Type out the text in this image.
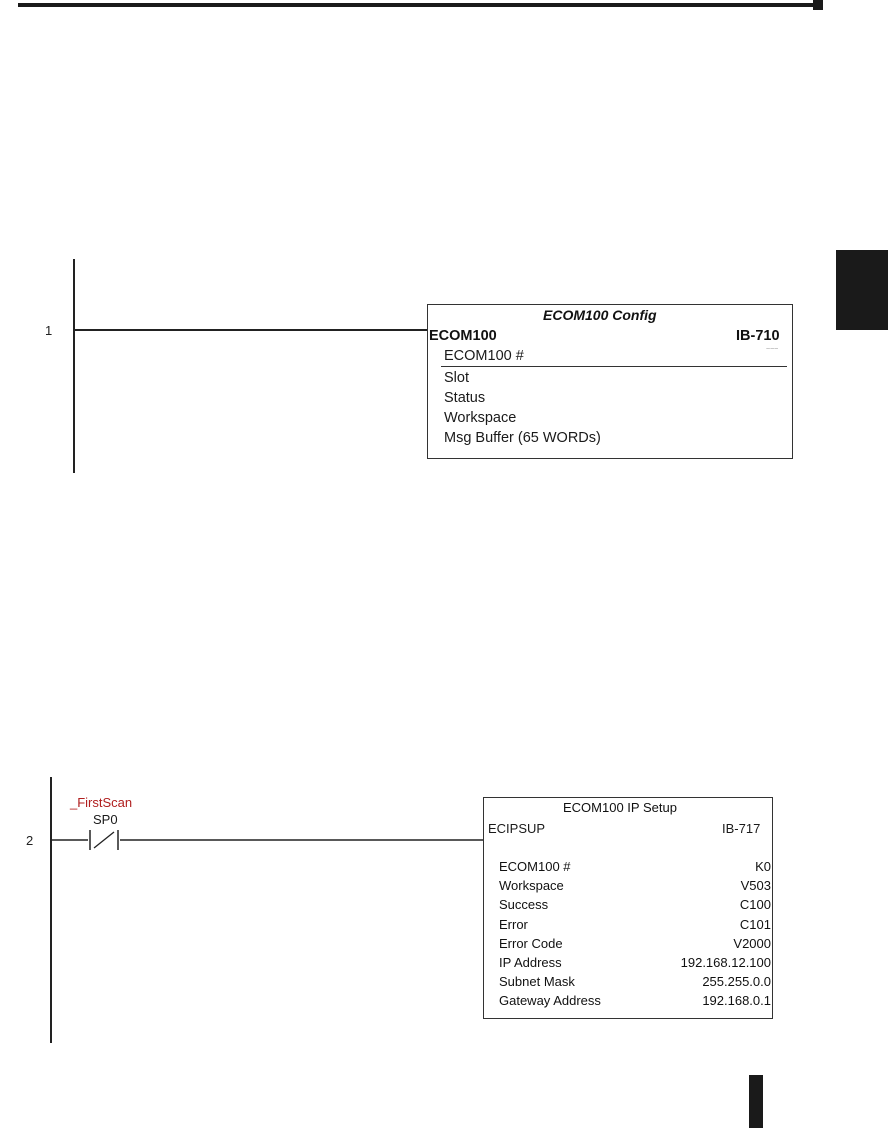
1
ECOM100 Config
ECOM100	IB-710
~~~
ECOM100 #
Slot
Status
Workspace
Msg Buffer (65 WORDs)
2
_FirstScan
SP0
ECOM100 IP Setup
ECIPSUP	IB-717
ECOM100 #	K0
Workspace	V503
Success	C100
Error	C101
Error Code	V2000
IP Address	192.168.12.100
Subnet Mask	255.255.0.0
Gateway Address	192.168.0.1
